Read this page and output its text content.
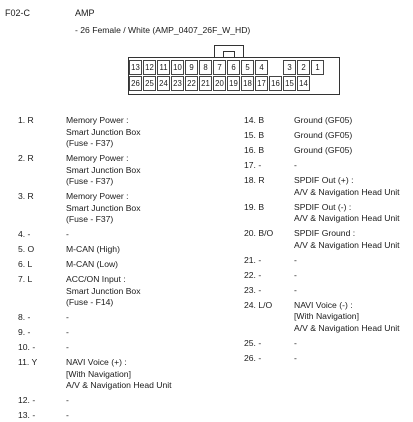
F02-C	AMP
- 26 Female / White (AMP_0407_26F_W_HD)
13 12 11 10 9	8	7	6	5	4	3	2	1
26 25 24 23 22 21 20 19 18 17 16 15 14
1. R	Memory Power :
Smart Junction Box
(Fuse - F37)
2. R	Memory Power :
Smart Junction Box
(Fuse - F37)
3. R	Memory Power :
Smart Junction Box
(Fuse - F37)
4. -	-
5. O	M-CAN (High)
6. L	M-CAN (Low)
7. L	ACC/ON Input :
Smart Junction Box
(Fuse - F14)
8. -	-
9. -	-
10. -	-
11. Y	NAVI Voice (+) :
[With Navigation]
A/V & Navigation Head Unit
12. -	-
13. -	-
14. B	Ground (GF05)
15. B	Ground (GF05)
16. B	Ground (GF05)
17. -	-
18. R	SPDIF Out (+) :
A/V & Navigation Head Unit
19. B	SPDIF Out (-) :
A/V & Navigation Head Unit
20. B/O SPDIF Ground :
A/V & Navigation Head Unit
21. -	-
22. -	-
23. -	-
24. L/O	NAVI Voice (-) :
[With Navigation]
A/V & Navigation Head Unit
25. -	-
26. -	-
